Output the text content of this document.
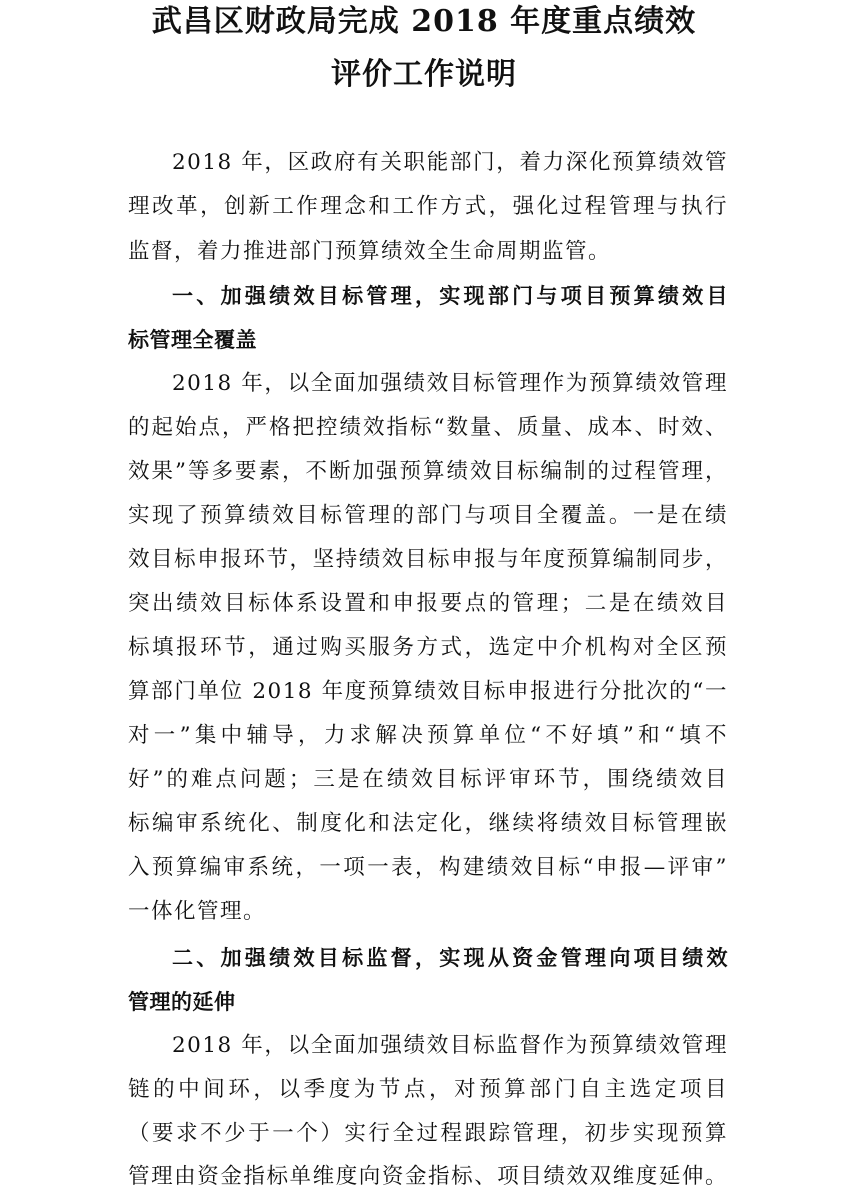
武昌区财政局完成 2018 年度重点绩效
评价工作说明

2018 年，区政府有关职能部门，着力深化预算绩效管

理改革，创新工作理念和工作方式，强化过程管理与执行

监督，着力推进部门预算绩效全生命周期监管。

一、加强绩效目标管理，实现部门与项目预算绩效目

标管理全覆盖

2018 年，以全面加强绩效目标管理作为预算绩效管理

的起始点，严格把控绩效指标“数量、质量、成本、时效、

效果”等多要素，不断加强预算绩效目标编制的过程管理，

实现了预算绩效目标管理的部门与项目全覆盖。一是在绩

效目标申报环节，坚持绩效目标申报与年度预算编制同步，

突出绩效目标体系设置和申报要点的管理；二是在绩效目

标填报环节，通过购买服务方式，选定中介机构对全区预

算部门单位 2018 年度预算绩效目标申报进行分批次的“一

对一”集中辅导，力求解决预算单位“不好填”和“填不

好”的难点问题；三是在绩效目标评审环节，围绕绩效目

标编审系统化、制度化和法定化，继续将绩效目标管理嵌

入预算编审系统，一项一表，构建绩效目标“申报—评审”

一体化管理。

二、加强绩效目标监督，实现从资金管理向项目绩效

管理的延伸

2018 年，以全面加强绩效目标监督作为预算绩效管理

链的中间环，以季度为节点，对预算部门自主选定项目

（要求不少于一个）实行全过程跟踪管理，初步实现预算

管理由资金指标单维度向资金指标、项目绩效双维度延伸。
